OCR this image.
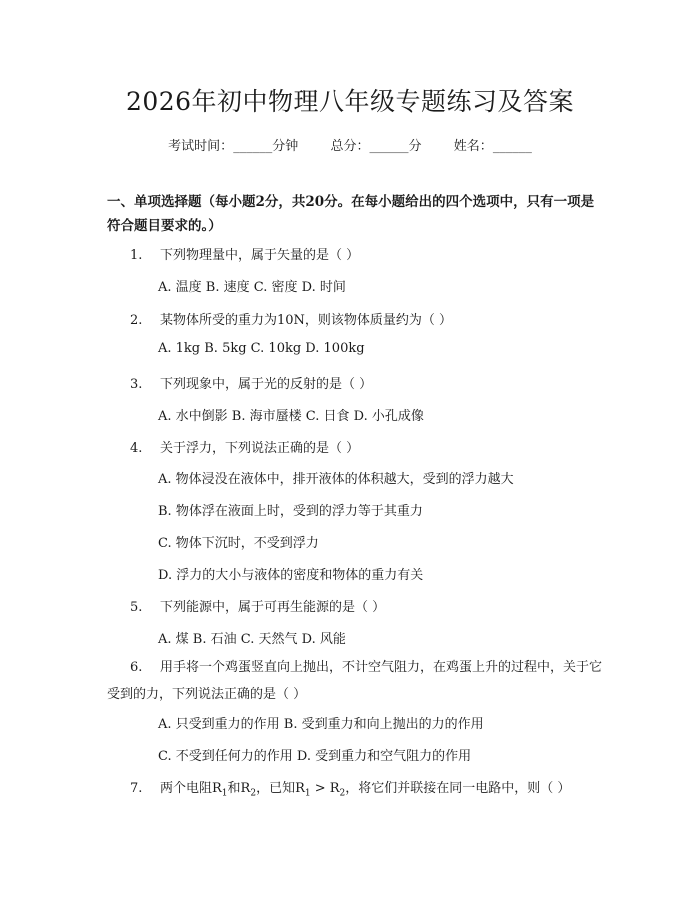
2026年初中物理八年级专题练习及答案
考试时间：______分钟 总分：______分 姓名：______
一、单项选择题（每小题2分，共20分。在每小题给出的四个选项中，只有一项是符合题目要求的。）
1. 下列物理量中，属于矢量的是（ ）
A. 温度 B. 速度 C. 密度 D. 时间
2. 某物体所受的重力为10N，则该物体质量约为（ ）
A. 1kg B. 5kg C. 10kg D. 100kg
3. 下列现象中，属于光的反射的是（ ）
A. 水中倒影 B. 海市蜃楼 C. 日食 D. 小孔成像
4. 关于浮力，下列说法正确的是（ ）
A. 物体浸没在液体中，排开液体的体积越大，受到的浮力越大
B. 物体浮在液面上时，受到的浮力等于其重力
C. 物体下沉时，不受到浮力
D. 浮力的大小与液体的密度和物体的重力有关
5. 下列能源中，属于可再生能源的是（ ）
A. 煤 B. 石油 C. 天然气 D. 风能
6. 用手将一个鸡蛋竖直向上抛出，不计空气阻力，在鸡蛋上升的过程中，关于它受到的力，下列说法正确的是（ ）
A. 只受到重力的作用 B. 受到重力和向上抛出的力的作用
C. 不受到任何力的作用 D. 受到重力和空气阻力的作用
7. 两个电阻$R_1$和$R_2$，已知$R_1 > R_2$，将它们并联接在同一电路中，则（ ）
